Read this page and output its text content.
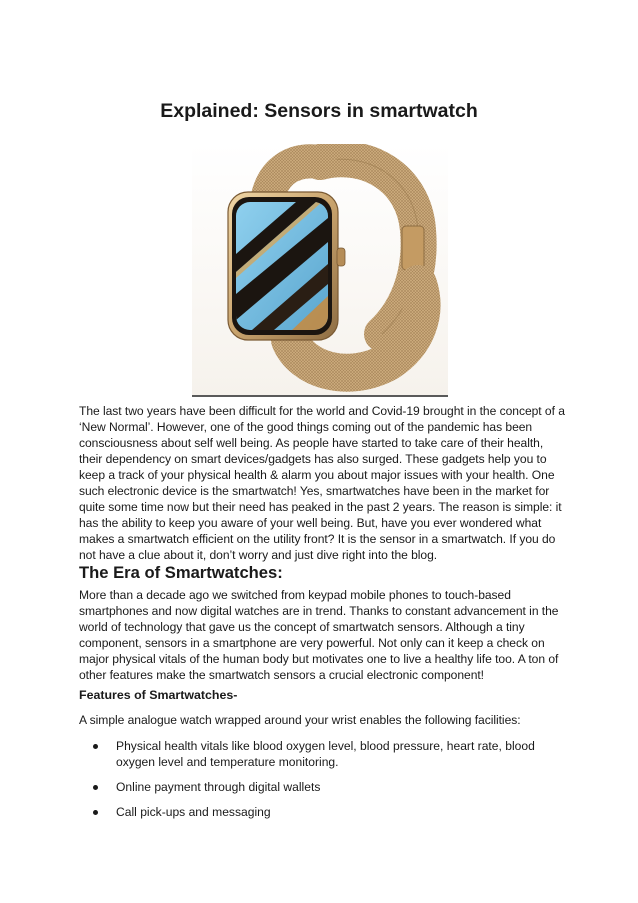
Explained: Sensors in smartwatch

The last two years have been difficult for the world and Covid-19 brought in the concept of a ‘New Normal’. However, one of the good things coming out of the pandemic has been consciousness about self well being. As people have started to take care of their health, their dependency on smart devices/gadgets has also surged. These gadgets help you to keep a track of your physical health & alarm you about major issues with your health. One such electronic device is the smartwatch! Yes, smartwatches have been in the market for quite some time now but their need has peaked in the past 2 years. The reason is simple: it has the ability to keep you aware of your well being. But, have you ever wondered what makes a smartwatch efficient on the utility front? It is the sensor in a smartwatch. If you do not have a clue about it, don’t worry and just dive right into the blog.

The Era of Smartwatches:

More than a decade ago we switched from keypad mobile phones to touch-based smartphones and now digital watches are in trend. Thanks to constant advancement in the world of technology that gave us the concept of smartwatch sensors. Although a tiny component, sensors in a smartphone are very powerful. Not only can it keep a check on major physical vitals of the human body but motivates one to live a healthy life too. A ton of other features make the smartwatch sensors a crucial electronic component!

Features of Smartwatches-

A simple analogue watch wrapped around your wrist enables the following facilities:

Physical health vitals like blood oxygen level, blood pressure, heart rate, blood oxygen level and temperature monitoring.
Online payment through digital wallets
Call pick-ups and messaging
